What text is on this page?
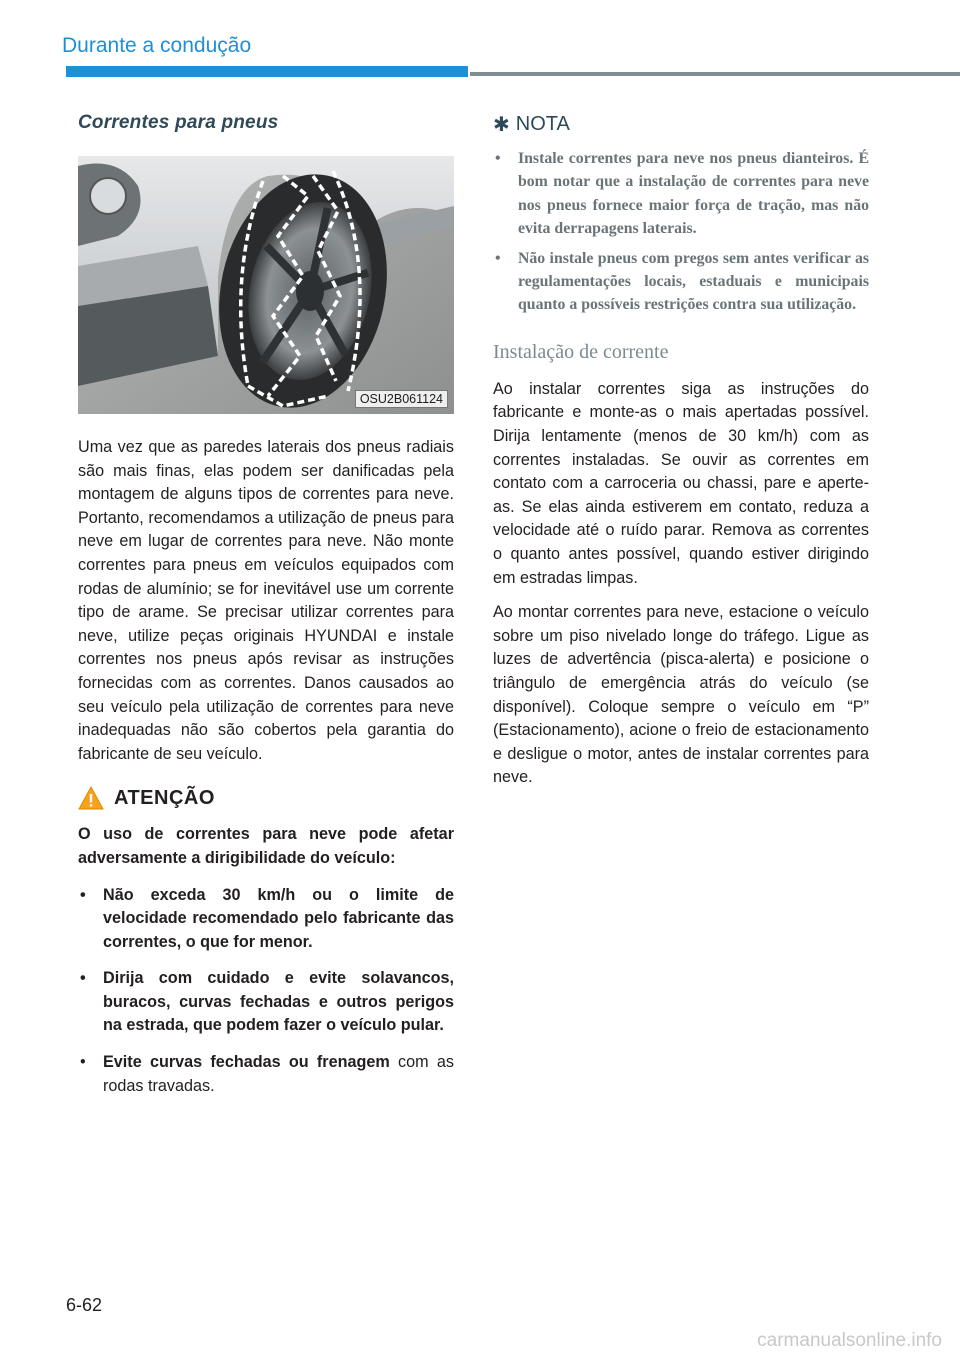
Durante a condução
Correntes para pneus
OSU2B061124

Uma vez que as paredes laterais dos pneus radiais são mais finas, elas podem ser danificadas pela montagem de alguns tipos de correntes para neve. Portanto, recomendamos a utilização de pneus para neve em lugar de correntes para neve. Não monte correntes para pneus em veículos equipados com rodas de alumínio; se for inevitável use um corrente tipo de arame. Se precisar utilizar correntes para neve, utilize peças originais HYUNDAI e instale correntes nos pneus após revisar as instruções fornecidas com as correntes. Danos causados ao seu veículo pela utilização de correntes para neve inadequadas não são cobertos pela garantia do fabricante de seu veículo.

ATENÇÃO

O uso de correntes para neve pode afetar adversamente a dirigibilidade do veículo:

• Não exceda 30 km/h ou o limite de velocidade recomendado pelo fabricante das correntes, o que for menor.
• Dirija com cuidado e evite solavancos, buracos, curvas fechadas e outros perigos na estrada, que podem fazer o veículo pular.
• Evite curvas fechadas ou frenagem com as rodas travadas.
✱ NOTA
• Instale correntes para neve nos pneus dianteiros. É bom notar que a instalação de correntes para neve nos pneus fornece maior força de tração, mas não evita derrapagens laterais.
• Não instale pneus com pregos sem antes verificar as regulamentações locais, estaduais e municipais quanto a possíveis restrições contra sua utilização.
Instalação de corrente

Ao instalar correntes siga as instruções do fabricante e monte-as o mais apertadas possível. Dirija lentamente (menos de 30 km/h) com as correntes instaladas. Se ouvir as correntes em contato com a carroceria ou chassi, pare e aperte-as. Se elas ainda estiverem em contato, reduza a velocidade até o ruído parar. Remova as correntes o quanto antes possível, quando estiver dirigindo em estradas limpas.

Ao montar correntes para neve, estacione o veículo sobre um piso nivelado longe do tráfego. Ligue as luzes de advertência (pisca-alerta) e posicione o triângulo de emergência atrás do veículo (se disponível). Coloque sempre o veículo em “P” (Estacionamento), acione o freio de estacionamento e desligue o motor, antes de instalar correntes para neve.

6-62
carmanualsonline.info
